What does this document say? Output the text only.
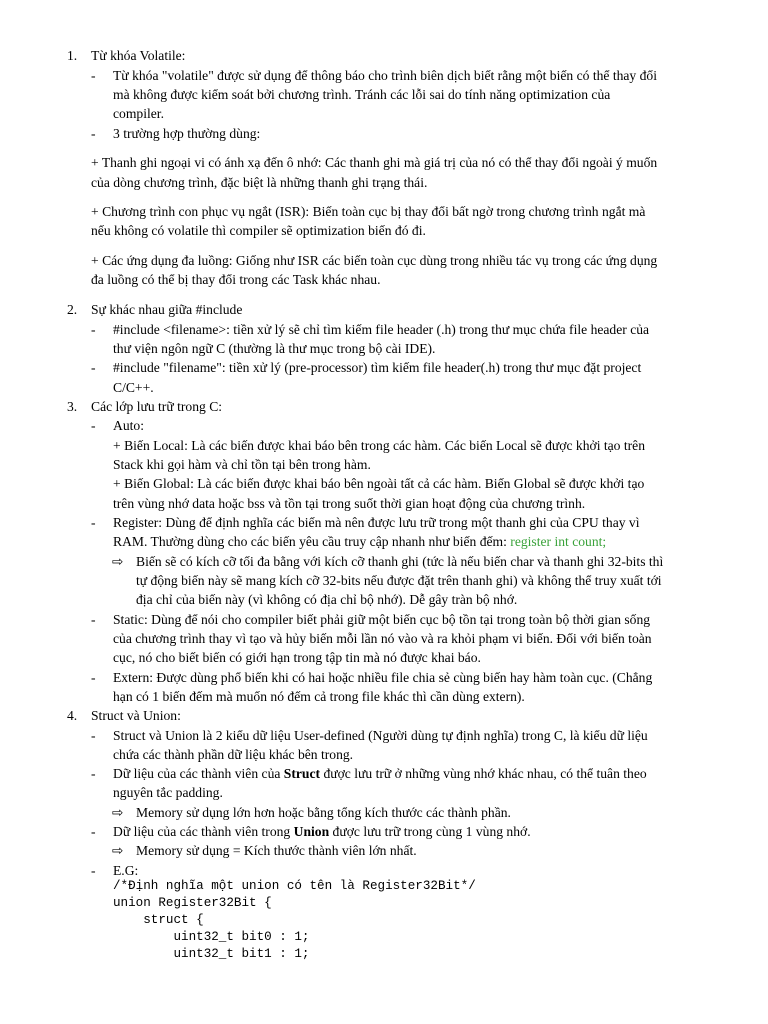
1. Từ khóa Volatile:
- Từ khóa "volatile" được sử dụng để thông báo cho trình biên dịch biết rằng một biến có thể thay đổi
mà không được kiểm soát bởi chương trình. Tránh các lỗi sai do tính năng optimization của
compiler.
- 3 trường hợp thường dùng:
+ Thanh ghi ngoại vi có ánh xạ đến ô nhớ: Các thanh ghi mà giá trị của nó có thể thay đổi ngoài ý muốn
của dòng chương trình, đặc biệt là những thanh ghi trạng thái.
+ Chương trình con phục vụ ngắt (ISR): Biến toàn cục bị thay đổi bất ngờ trong chương trình ngắt mà
nếu không có volatile thì compiler sẽ optimization biến đó đi.
+ Các ứng dụng đa luồng: Giống như ISR các biến toàn cục dùng trong nhiều tác vụ trong các ứng dụng
đa luồng có thể bị thay đổi trong các Task khác nhau.
2. Sự khác nhau giữa #include
- #include <filename>: tiền xử lý sẽ chỉ tìm kiếm file header (.h) trong thư mục chứa file header của
thư viện ngôn ngữ C (thường là thư mục trong bộ cài IDE).
- #include "filename": tiền xử lý (pre-processor) tìm kiếm file header(.h) trong thư mục đặt project
C/C++.
3. Các lớp lưu trữ trong C:
- Auto:
+ Biến Local: Là các biến được khai báo bên trong các hàm. Các biến Local sẽ được khởi tạo trên
Stack khi gọi hàm và chỉ tồn tại bên trong hàm.
+ Biến Global: Là các biến được khai báo bên ngoài tất cả các hàm. Biến Global sẽ được khởi tạo
trên vùng nhớ data hoặc bss và tồn tại trong suốt thời gian hoạt động của chương trình.
- Register: Dùng để định nghĩa các biến mà nên được lưu trữ trong một thanh ghi của CPU thay vì
RAM. Thường dùng cho các biến yêu cầu truy cập nhanh như biến đếm: register int count;
⇨ Biến sẽ có kích cỡ tối đa bằng với kích cỡ thanh ghi (tức là nếu biến char và thanh ghi 32-bits thì
tự động biến này sẽ mang kích cỡ 32-bits nếu được đặt trên thanh ghi) và không thể truy xuất tới
địa chỉ của biến này (vì không có địa chỉ bộ nhớ). Dễ gây tràn bộ nhớ.
- Static: Dùng để nói cho compiler biết phải giữ một biến cục bộ tồn tại trong toàn bộ thời gian sống
của chương trình thay vì tạo và hủy biến mỗi lần nó vào và ra khỏi phạm vi biến. Đối với biến toàn
cục, nó cho biết biến có giới hạn trong tập tin mà nó được khai báo.
- Extern: Được dùng phổ biến khi có hai hoặc nhiều file chia sẻ cùng biến hay hàm toàn cục. (Chẳng
hạn có 1 biến đếm mà muốn nó đếm cả trong file khác thì cần dùng extern).
4. Struct và Union:
- Struct và Union là 2 kiểu dữ liệu User-defined (Người dùng tự định nghĩa) trong C, là kiểu dữ liệu
chứa các thành phần dữ liệu khác bên trong.
- Dữ liệu của các thành viên của Struct được lưu trữ ở những vùng nhớ khác nhau, có thể tuân theo
nguyên tắc padding.
⇨ Memory sử dụng lớn hơn hoặc bằng tổng kích thước các thành phần.
- Dữ liệu của các thành viên trong Union được lưu trữ trong cùng 1 vùng nhớ.
⇨ Memory sử dụng = Kích thước thành viên lớn nhất.
- E.G:
/*Định nghĩa một union có tên là Register32Bit*/
union Register32Bit {
struct {
uint32_t bit0 : 1;
uint32_t bit1 : 1;
